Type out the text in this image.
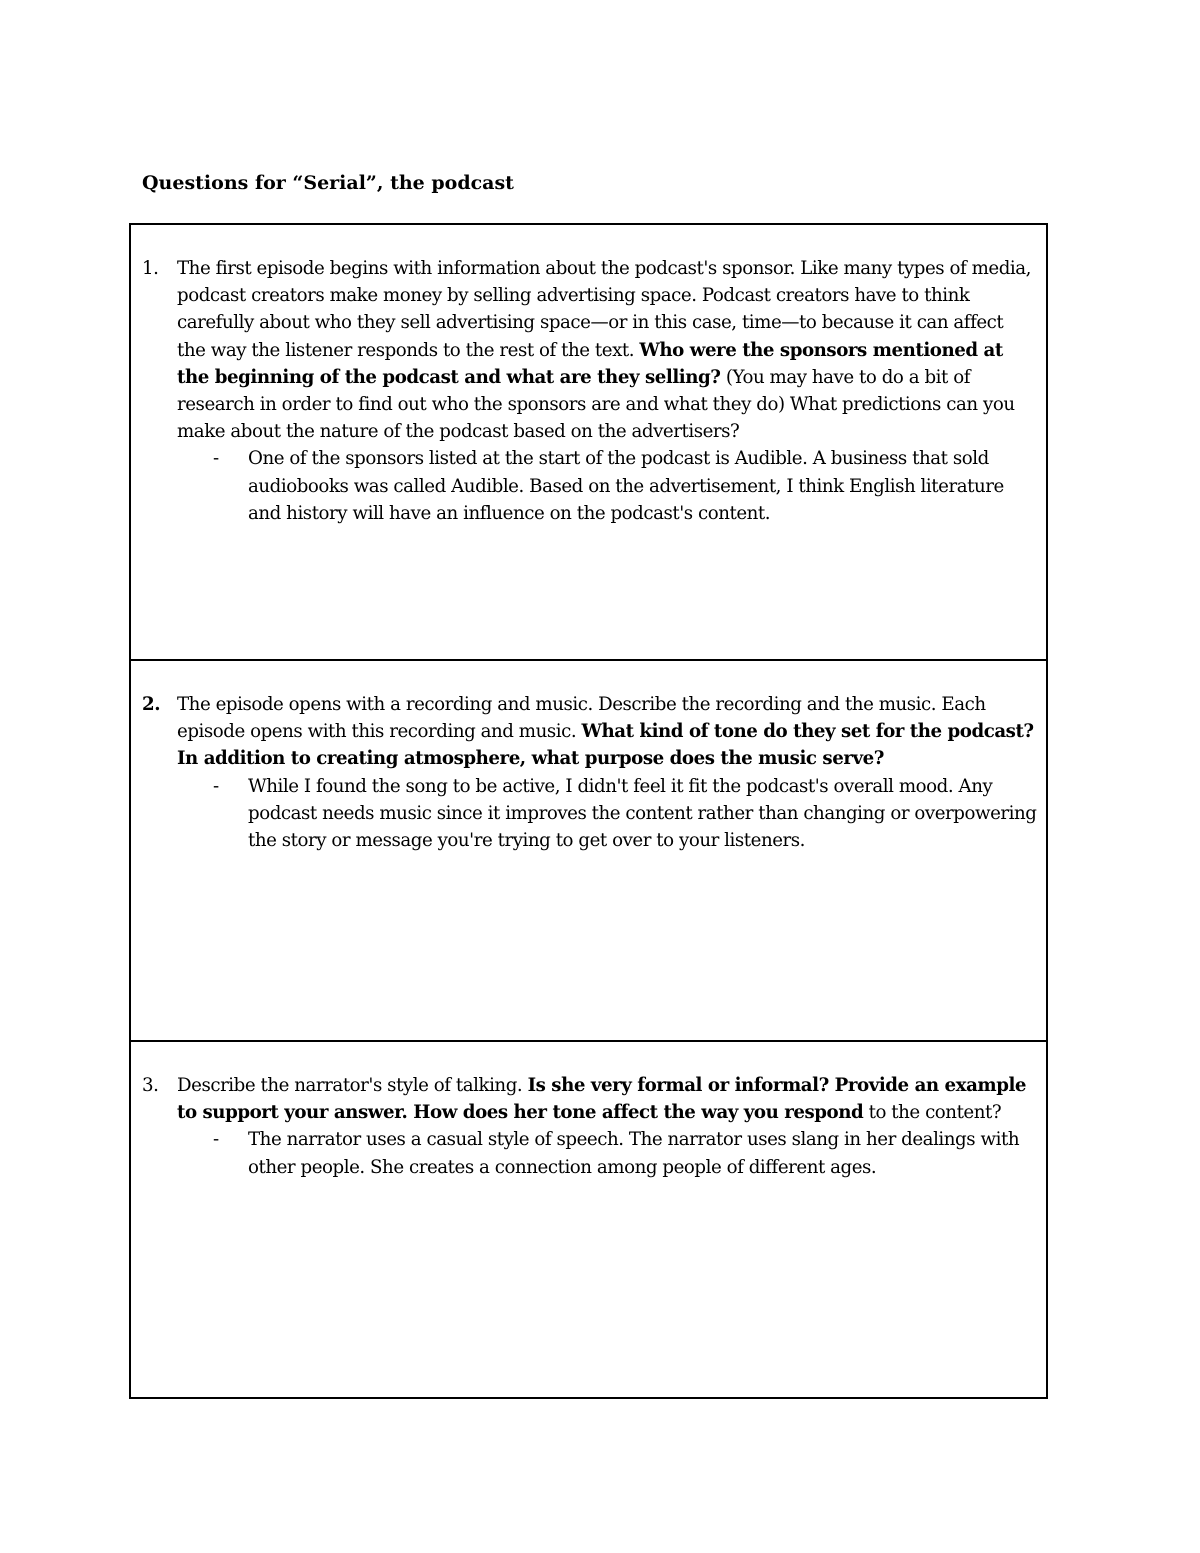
Questions for “Serial”, the podcast
1.	The first episode begins with information about the podcast's sponsor. Like many types of media, podcast creators make money by selling advertising space. Podcast creators have to think carefully about who they sell advertising space—or in this case, time—to because it can affect the way the listener responds to the rest of the text. Who were the sponsors mentioned at the beginning of the podcast and what are they selling? (You may have to do a bit of research in order to find out who the sponsors are and what they do) What predictions can you make about the nature of the podcast based on the advertisers?
- One of the sponsors listed at the start of the podcast is Audible. A business that sold audiobooks was called Audible. Based on the advertisement, I think English literature and history will have an influence on the podcast's content.
2. The episode opens with a recording and music. Describe the recording and the music. Each episode opens with this recording and music. What kind of tone do they set for the podcast? In addition to creating atmosphere, what purpose does the music serve?
- While I found the song to be active, I didn't feel it fit the podcast's overall mood. Any podcast needs music since it improves the content rather than changing or overpowering the story or message you're trying to get over to your listeners.
3.	Describe the narrator's style of talking. Is she very formal or informal? Provide an example to support your answer. How does her tone affect the way you respond to the content?
- The narrator uses a casual style of speech. The narrator uses slang in her dealings with other people. She creates a connection among people of different ages.
